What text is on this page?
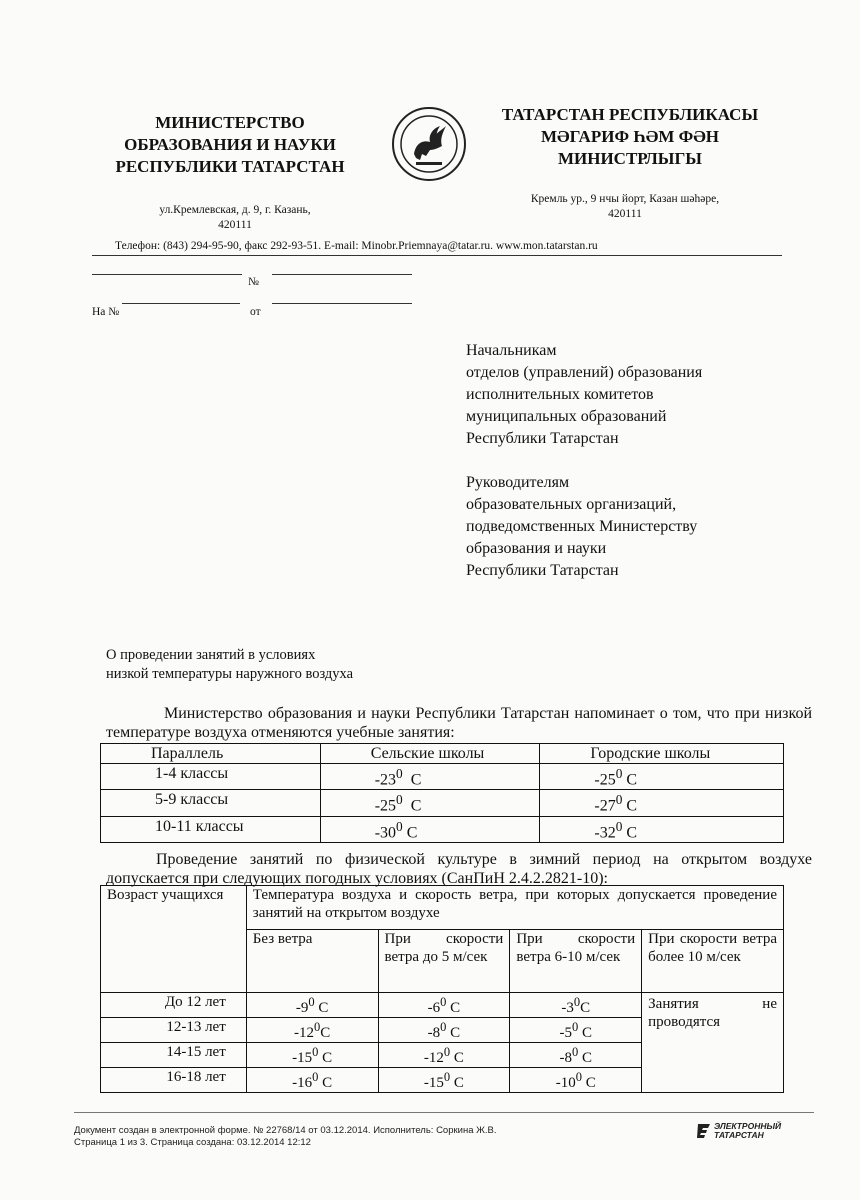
МИНИСТЕРСТВО
ОБРАЗОВАНИЯ И НАУКИ
РЕСПУБЛИКИ ТАТАРСТАН
ул.Кремлевская, д. 9, г. Казань,
420111
ТАТАРСТАН РЕСПУБЛИКАСЫ
МӘГАРИФ ҺӘМ ФӘН
МИНИСТРЛЫГЫ
Кремль ур., 9 нчы йорт, Казан шәһәре,
420111
Телефон: (843) 294-95-90, факс 292-93-51. E-mail: Minobr.Priemnaya@tatar.ru. www.mon.tatarstan.ru
№
На №	от
Начальникам
отделов (управлений) образования
исполнительных комитетов
муниципальных образований
Республики Татарстан
Руководителям
образовательных организаций,
подведомственных Министерству
образования и науки
Республики Татарстан
О проведении занятий в условиях
низкой температуры наружного воздуха
Министерство образования и науки Республики Татарстан напоминает о том, что при низкой температуре воздуха отменяются учебные занятия:
Параллель	Сельские школы	Городские школы
1-4 классы	$-23^0$ C	$-25^0$ C
5-9 классы	$-25^0$ C	$-27^0$ C
10-11 классы	$-30^0$ C	$-32^0$ C
Проведение занятий по физической культуре в зимний период на открытом воздухе допускается при следующих погодных условиях (СанПиН 2.4.2.2821-10):
Возраст учащихся	Температура воздуха и скорость ветра, при которых допускается проведение занятий на открытом воздухе			
	Без ветра	При скорости ветра до 5 м/сек	При скорости ветра 6-10 м/сек	При скорости ветра более 10 м/сек
До 12 лет	$-9^0$ C	$-6^0$ C	$-3^0C$	Занятия не проводятся
12-13 лет	$-12^0C$	$-8^0$ C	$-5^0$ C	
14-15 лет	$-15^0$ C	$-12^0$ C	$-8^0$ C	
16-18 лет	$-16^0$ C	$-15^0$ C	$-10^0$ C	
Документ создан в электронной форме. № 22768/14 от 03.12.2014. Исполнитель: Соркина Ж.В.
Страница 1 из 3. Страница создана: 03.12.2014 12:12
ЭЛЕКТРОННЫЙ
ТАТАРСТАН
